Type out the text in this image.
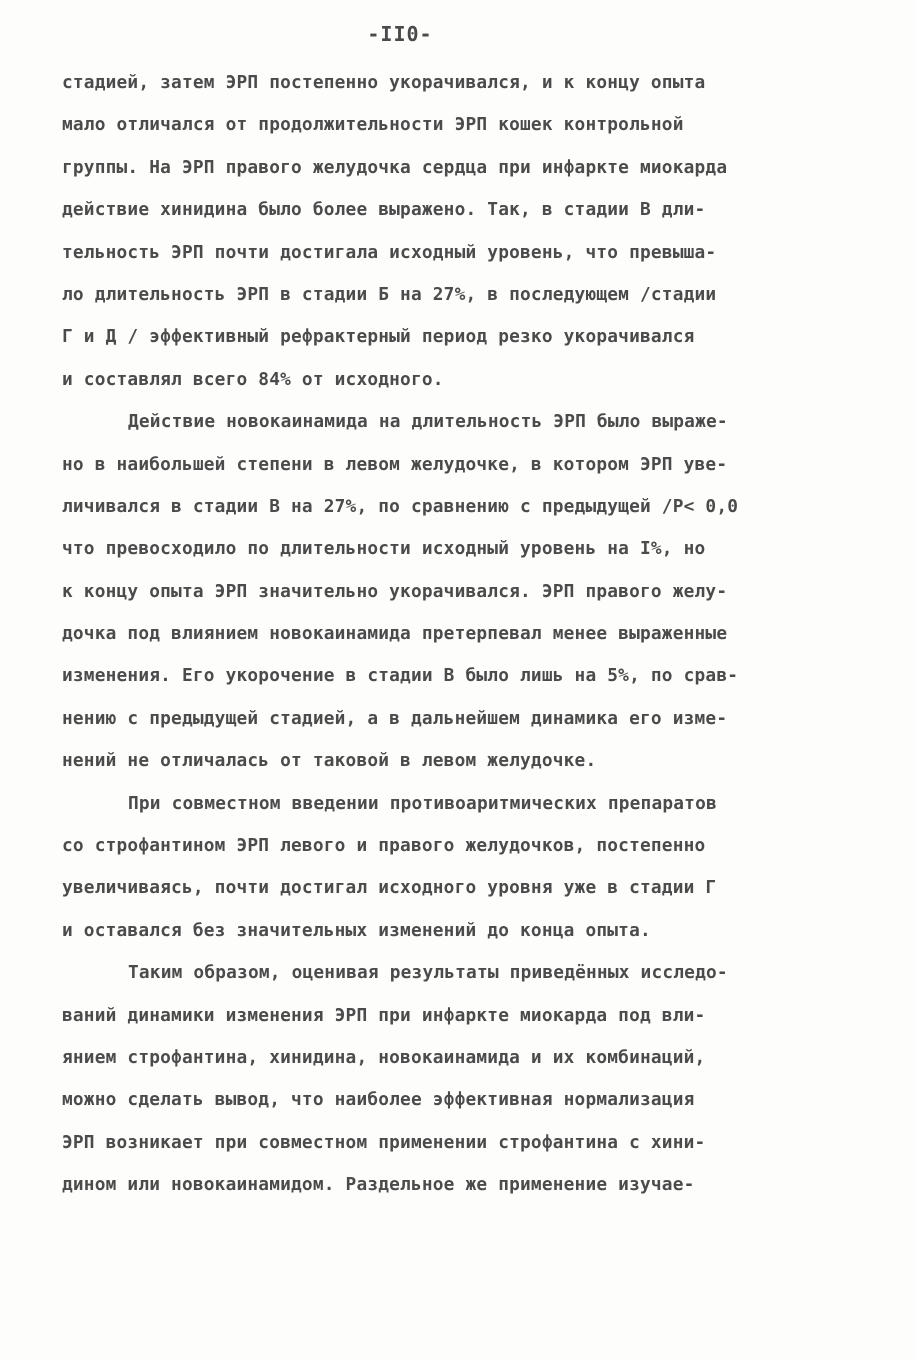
-II0-
стадией, затем ЭРП постепенно укорачивался, и к концу опыта
мало отличался от продолжительности ЭРП кошек контрольной
группы. На ЭРП правого желудочка сердца при инфаркте миокарда
действие хинидина было более выражено. Так, в стадии В дли-
тельность ЭРП почти достигала исходный уровень, что превыша-
ло длительность ЭРП в стадии Б на 27%, в последующем /стадии
Г и Д / эффективный рефрактерный период резко укорачивался
и составлял всего 84% от исходного.
Действие новокаинамида на длительность ЭРП было выраже-
но в наибольшей степени в левом желудочке, в котором ЭРП уве-
личивался в стадии В на 27%, по сравнению с предыдущей /Р< 0,0
что превосходило по длительности исходный уровень на I%, но
к концу опыта ЭРП значительно укорачивался. ЭРП правого желу-
дочка под влиянием новокаинамида претерпевал менее выраженные
изменения. Его укорочение в стадии В было лишь на 5%, по срав-
нению с предыдущей стадией, а в дальнейшем динамика его изме-
нений не отличалась от таковой в левом желудочке.
При совместном введении противоаритмических препаратов
со строфантином ЭРП левого и правого желудочков, постепенно
увеличиваясь, почти достигал исходного уровня уже в стадии Г
и оставался без значительных изменений до конца опыта.
Таким образом, оценивая результаты приведённых исследо-
ваний динамики изменения ЭРП при инфаркте миокарда под вли-
янием строфантина, хинидина, новокаинамида и их комбинаций,
можно сделать вывод, что наиболее эффективная нормализация
ЭРП возникает при совместном применении строфантина с хини-
дином или новокаинамидом. Раздельное же применение изучае-
